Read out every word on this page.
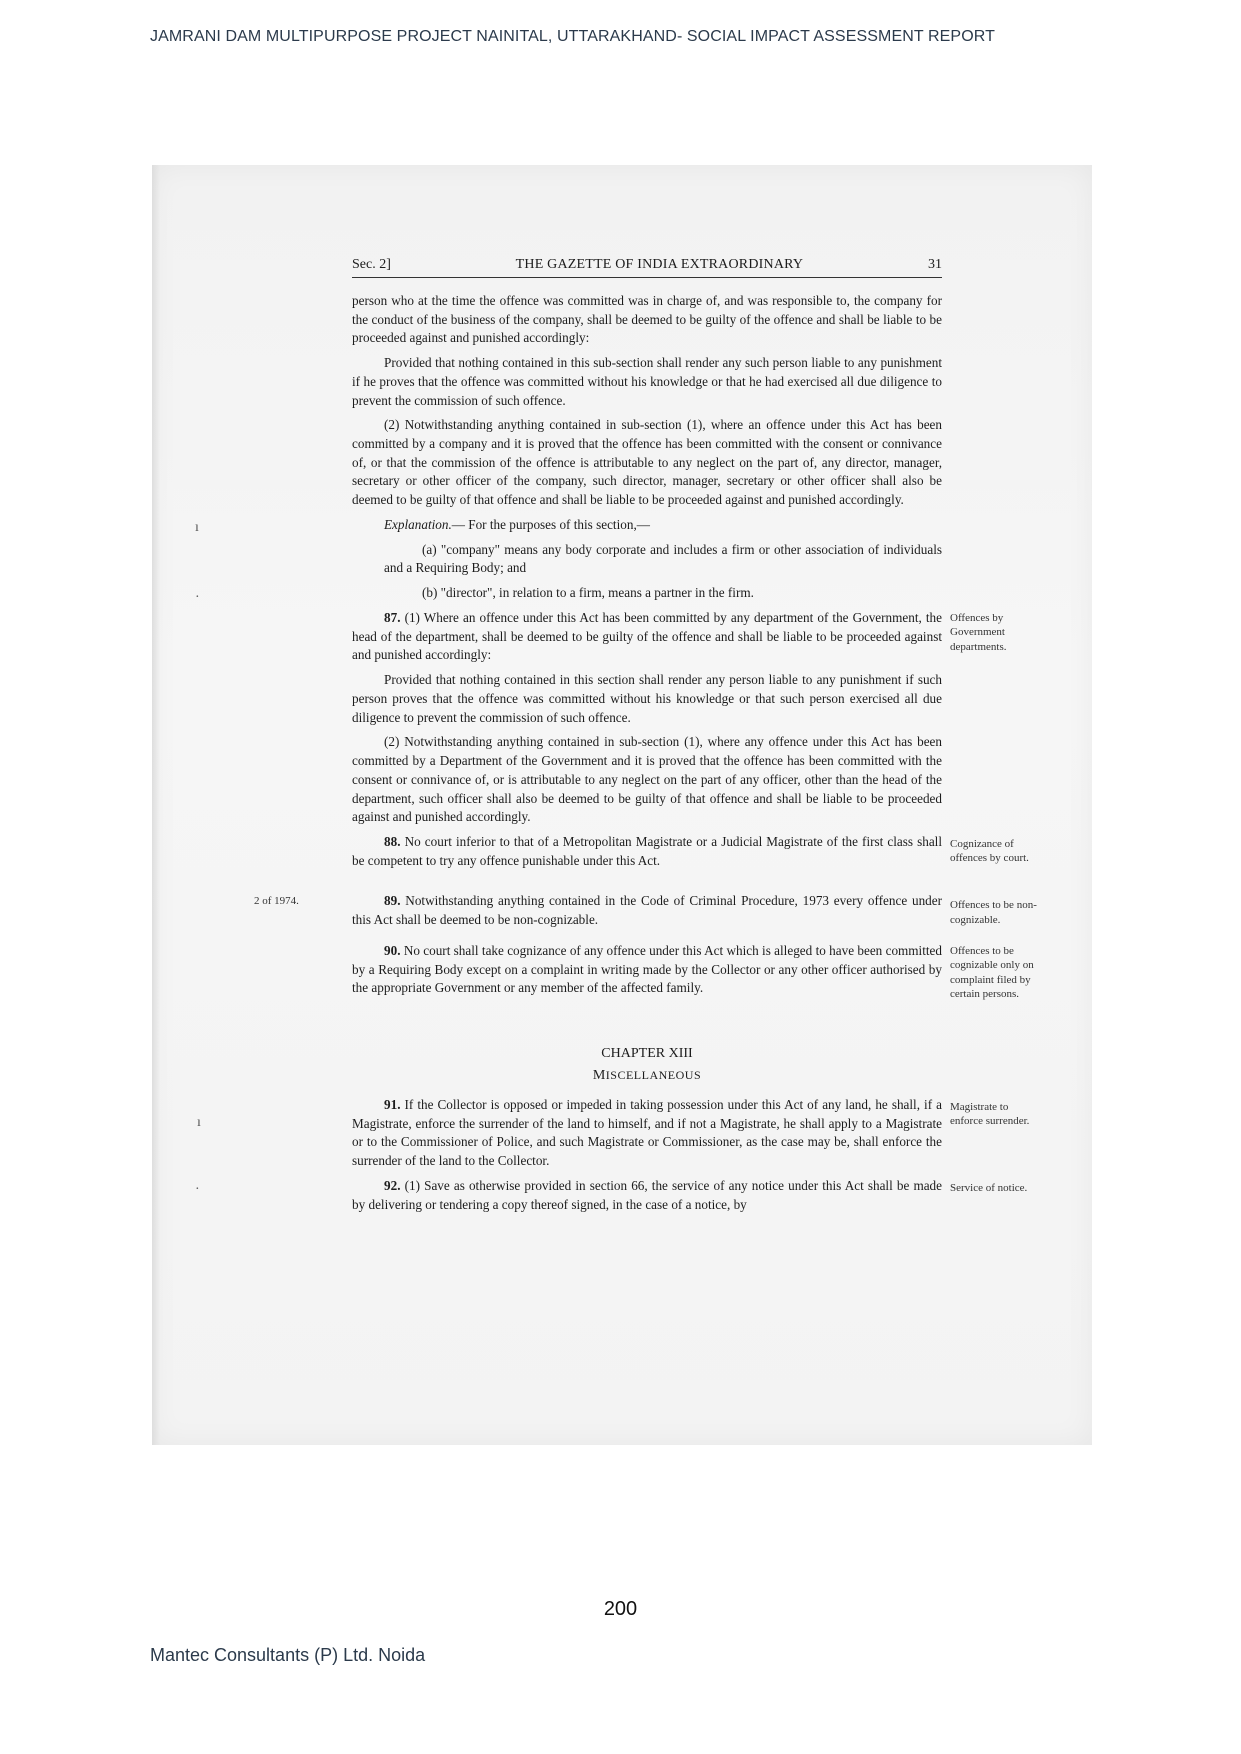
JAMRANI DAM MULTIPURPOSE PROJECT NAINITAL, UTTARAKHAND- SOCIAL IMPACT ASSESSMENT REPORT
ı
·
ı
·
Sec. 2]	THE GAZETTE OF INDIA EXTRAORDINARY	31

person who at the time the offence was committed was in charge of, and was responsible to, the company for the conduct of the business of the company, shall be deemed to be guilty of the offence and shall be liable to be proceeded against and punished accordingly:

Provided that nothing contained in this sub-section shall render any such person liable to any punishment if he proves that the offence was committed without his knowledge or that he had exercised all due diligence to prevent the commission of such offence.

(2) Notwithstanding anything contained in sub-section (1), where an offence under this Act has been committed by a company and it is proved that the offence has been committed with the consent or connivance of, or that the commission of the offence is attributable to any neglect on the part of, any director, manager, secretary or other officer of the company, such director, manager, secretary or other officer shall also be deemed to be guilty of that offence and shall be liable to be proceeded against and punished accordingly.

Explanation.— For the purposes of this section,—

(a) "company" means any body corporate and includes a firm or other association of individuals and a Requiring Body; and

(b) "director", in relation to a firm, means a partner in the firm.

87. (1) Where an offence under this Act has been committed by any department of the Government, the head of the department, shall be deemed to be guilty of the offence and shall be liable to be proceeded against and punished accordingly:

Offences by Government departments.

Provided that nothing contained in this section shall render any person liable to any punishment if such person proves that the offence was committed without his knowledge or that such person exercised all due diligence to prevent the commission of such offence.

(2) Notwithstanding anything contained in sub-section (1), where any offence under this Act has been committed by a Department of the Government and it is proved that the offence has been committed with the consent or connivance of, or is attributable to any neglect on the part of any officer, other than the head of the department, such officer shall also be deemed to be guilty of that offence and shall be liable to be proceeded against and punished accordingly.

88. No court inferior to that of a Metropolitan Magistrate or a Judicial Magistrate of the first class shall be competent to try any offence punishable under this Act.

Cognizance of offences by court.
2 of 1974.	89. Notwithstanding anything contained in the Code of Criminal Procedure, 1973 every offence under this Act shall be deemed to be non-cognizable.

Offences to be non-cognizable.

90. No court shall take cognizance of any offence under this Act which is alleged to have been committed by a Requiring Body except on a complaint in writing made by the Collector or any other officer authorised by the appropriate Government or any member of the affected family.

Offences to be cognizable only on complaint filed by certain persons.
CHAPTER XIII
MISCELLANEOUS

91. If the Collector is opposed or impeded in taking possession under this Act of any land, he shall, if a Magistrate, enforce the surrender of the land to himself, and if not a Magistrate, he shall apply to a Magistrate or to the Commissioner of Police, and such Magistrate or Commissioner, as the case may be, shall enforce the surrender of the land to the Collector.

Magistrate to enforce surrender.

92. (1) Save as otherwise provided in section 66, the service of any notice under this Act shall be made by delivering or tendering a copy thereof signed, in the case of a notice, by

Service of notice.
200
Mantec Consultants (P) Ltd. Noida
